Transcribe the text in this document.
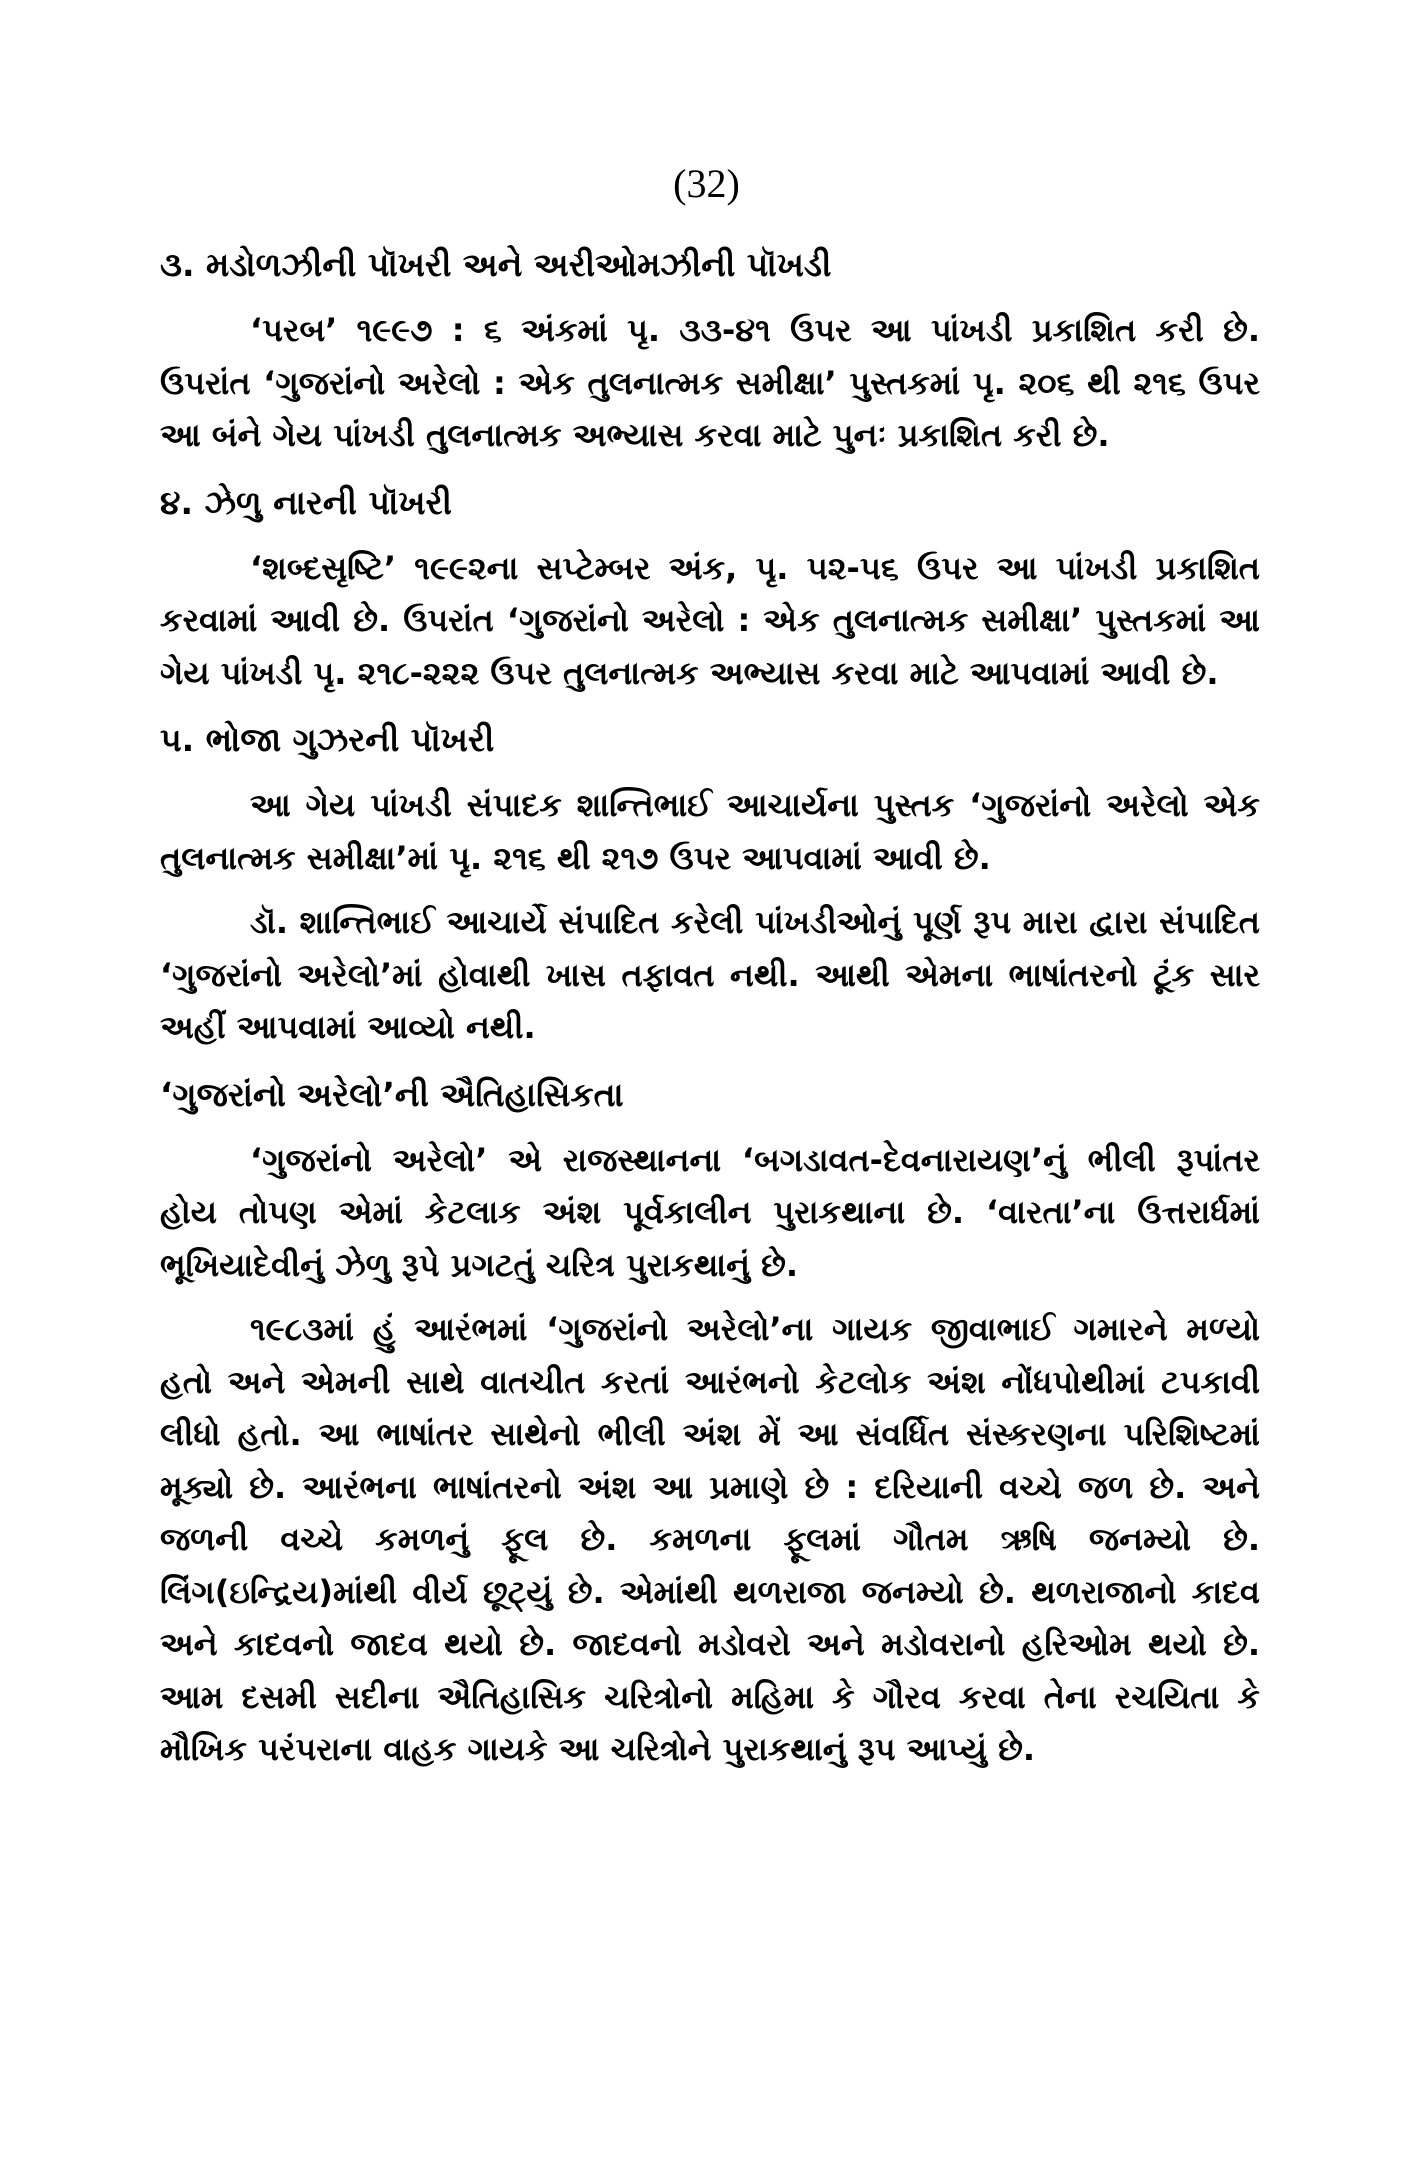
(32)
૩. મડોળઝીની પૉખરી અને અરીઓમઝીની પૉખડી

‘પરબ’ ૧૯૯૭ : ૬ અંકમાં પૃ. ૩૩-૪૧ ઉપર આ પાંખડી પ્રકાશિત કરી છે. ઉપરાંત ‘ગુજરાંનો અરેલો : એક તુલનાત્મક સમીક્ષા’ પુસ્તકમાં પૃ. ૨૦૬ થી ૨૧૬ ઉપર આ બંને ગેય પાંખડી તુલનાત્મક અભ્યાસ કરવા માટે પુનઃ પ્રકાશિત કરી છે.

૪. ઝેળુ નારની પૉખરી

‘શબ્દસૃષ્ટિ’ ૧૯૯૨ના સપ્ટેમ્બર અંક, પૃ. ૫૨-૫૬ ઉપર આ પાંખડી પ્રકાશિત કરવામાં આવી છે. ઉપરાંત ‘ગુજરાંનો અરેલો : એક તુલનાત્મક સમીક્ષા’ પુસ્તકમાં આ ગેય પાંખડી પૃ. ૨૧૮-૨૨૨ ઉપર તુલનાત્મક અભ્યાસ કરવા માટે આપવામાં આવી છે.

૫. ભોજા ગુઝરની પૉખરી

આ ગેય પાંખડી સંપાદક શાન્તિભાઈ આચાર્યના પુસ્તક ‘ગુજરાંનો અરેલો એક તુલનાત્મક સમીક્ષા’માં પૃ. ૨૧૬ થી ૨૧૭ ઉપર આપવામાં આવી છે.

ડૉ. શાન્તિભાઈ આચાર્યે સંપાદિત કરેલી પાંખડીઓનું પૂર્ણ રૂપ મારા દ્વારા સંપાદિત ‘ગુજરાંનો અરેલો’માં હોવાથી ખાસ તફાવત નથી. આથી એમના ભાષાંતરનો ટૂંક સાર અહીં આપવામાં આવ્યો નથી.

‘ગુજરાંનો અરેલો’ની ઐતિહાસિકતા

‘ગુજરાંનો અરેલો’ એ રાજસ્થાનના ‘બગડાવત-દેવનારાયણ’નું ભીલી રૂપાંતર હોય તોપણ એમાં કેટલાક અંશ પૂર્વકાલીન પુરાકથાના છે. ‘વારતા’ના ઉત્તરાર્ધમાં ભૂખિયાદેવીનું ઝેળુ રૂપે પ્રગટતું ચરિત્ર પુરાકથાનું છે.

૧૯૮૩માં હું આરંભમાં ‘ગુજરાંનો અરેલો’ના ગાયક જીવાભાઈ ગમારને મળ્યો હતો અને એમની સાથે વાતચીત કરતાં આરંભનો કેટલોક અંશ નોંધપોથીમાં ટપકાવી લીધો હતો. આ ભાષાંતર સાથેનો ભીલી અંશ મેં આ સંવર્ધિત સંસ્કરણના પરિશિષ્ટમાં મૂક્યો છે. આરંભના ભાષાંતરનો અંશ આ પ્રમાણે છે : દરિયાની વચ્ચે જળ છે. અને જળની વચ્ચે કમળનું ફૂલ છે. કમળના ફૂલમાં ગૌતમ ઋષિ જનમ્યો છે. લિંગ(ઇન્દ્રિય)માંથી વીર્ય છૂટ્યું છે. એમાંથી થળરાજા જનમ્યો છે. થળરાજાનો કાદવ અને કાદવનો જાદવ થયો છે. જાદવનો મડોવરો અને મડોવરાનો હરિઓમ થયો છે. આમ દસમી સદીના ઐતિહાસિક ચરિત્રોનો મહિમા કે ગૌરવ કરવા તેના રચયિતા કે મૌખિક પરંપરાના વાહક ગાયકે આ ચરિત્રોને પુરાકથાનું રૂપ આપ્યું છે.
